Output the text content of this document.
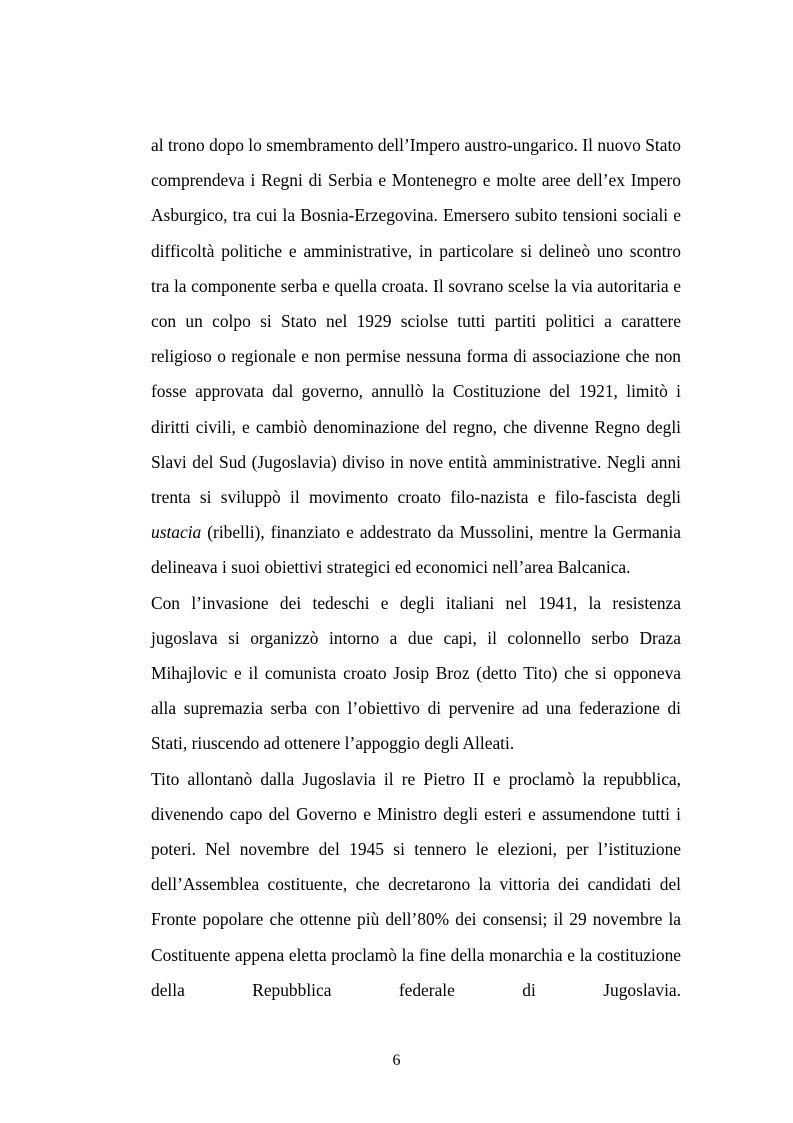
al trono dopo lo smembramento dell’Impero austro-ungarico. Il nuovo Stato comprendeva i Regni di Serbia e Montenegro e molte aree dell’ex Impero Asburgico, tra cui la Bosnia-Erzegovina. Emersero subito tensioni sociali e difficoltà politiche e amministrative, in particolare si delineò uno scontro tra la componente serba e quella croata. Il sovrano scelse la via autoritaria e con un colpo si Stato nel 1929 sciolse tutti partiti politici a carattere religioso o regionale e non permise nessuna forma di associazione che non fosse approvata dal governo, annullò la Costituzione del 1921, limitò i diritti civili, e cambiò denominazione del regno, che divenne Regno degli Slavi del Sud (Jugoslavia) diviso in nove entità amministrative. Negli anni trenta si sviluppò il movimento croato filo-nazista e filo-fascista degli ustacia (ribelli), finanziato e addestrato da Mussolini, mentre la Germania delineava i suoi obiettivi strategici ed economici nell’area Balcanica.

Con l’invasione dei tedeschi e degli italiani nel 1941, la resistenza jugoslava si organizzò intorno a due capi, il colonnello serbo Draza Mihajlovic e il comunista croato Josip Broz (detto Tito) che si opponeva alla supremazia serba con l’obiettivo di pervenire ad una federazione di Stati, riuscendo ad ottenere l’appoggio degli Alleati.

Tito allontanò dalla Jugoslavia il re Pietro II e proclamò la repubblica, divenendo capo del Governo e Ministro degli esteri e assumendone tutti i poteri. Nel novembre del 1945 si tennero le elezioni, per l’istituzione dell’Assemblea costituente, che decretarono la vittoria dei candidati del Fronte popolare che ottenne più dell’80% dei consensi; il 29 novembre la Costituente appena eletta proclamò la fine della monarchia e la costituzione della Repubblica federale di Jugoslavia.

6
